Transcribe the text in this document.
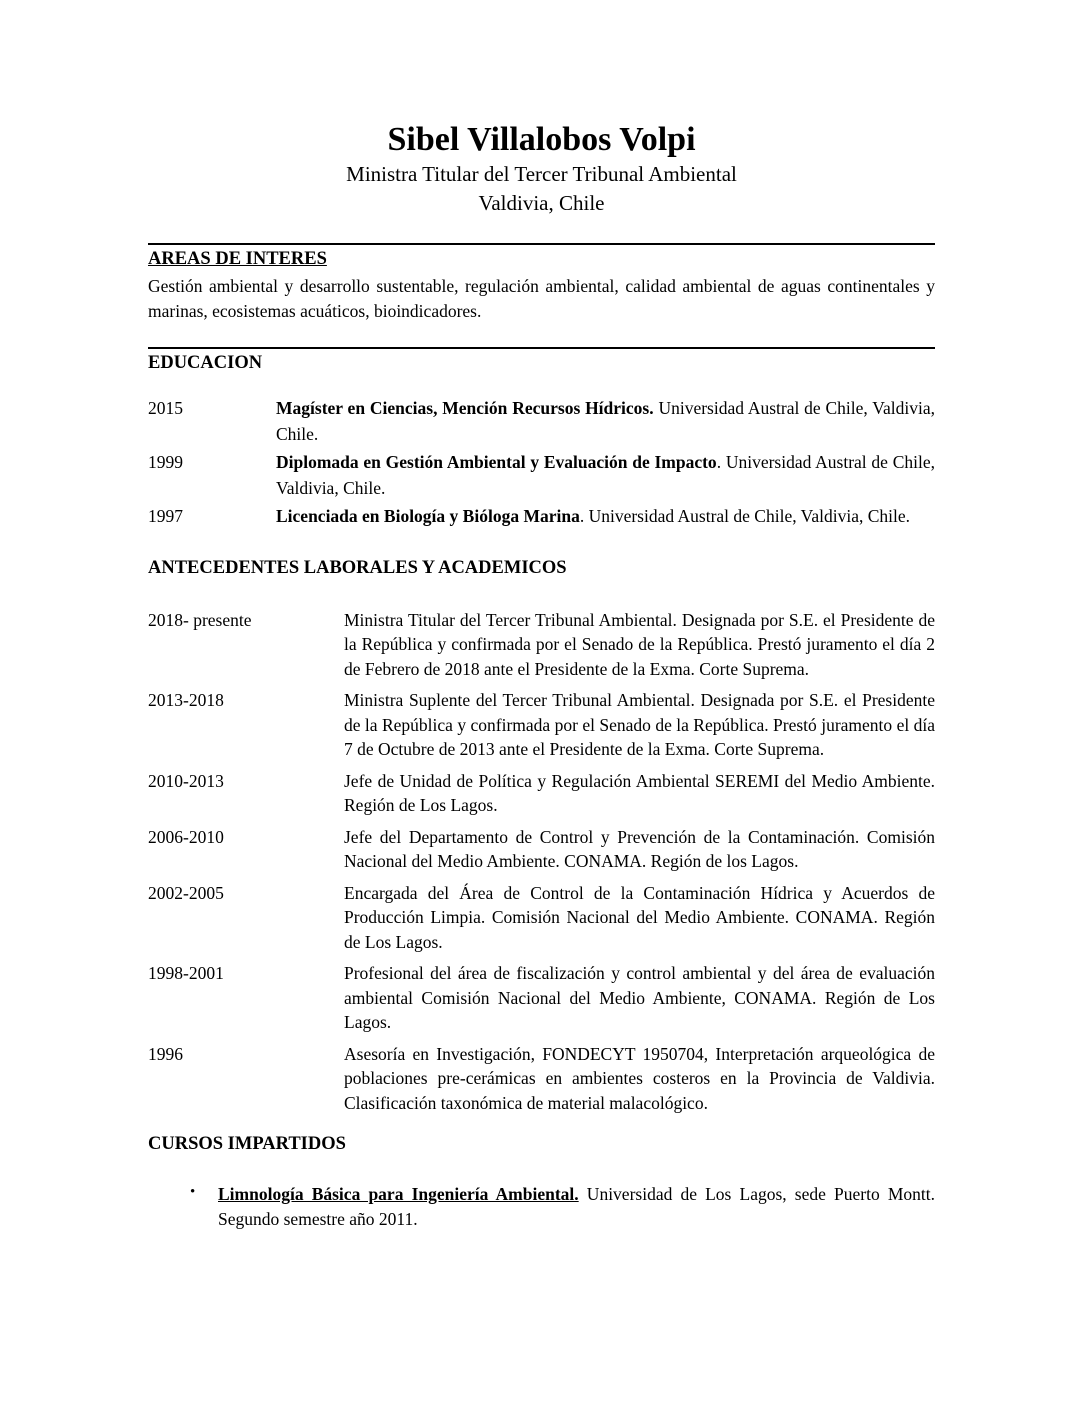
Sibel Villalobos Volpi
Ministra Titular del Tercer Tribunal Ambiental
Valdivia, Chile
AREAS DE INTERES

Gestión ambiental y desarrollo sustentable, regulación ambiental, calidad ambiental de aguas continentales y marinas, ecosistemas acuáticos, bioindicadores.

EDUCACION
2015	Magíster en Ciencias, Mención Recursos Hídricos. Universidad Austral de Chile, Valdivia, Chile.
1999	Diplomada en Gestión Ambiental y Evaluación de Impacto. Universidad Austral de Chile, Valdivia, Chile.
1997	Licenciada en Biología y Bióloga Marina. Universidad Austral de Chile, Valdivia, Chile.
ANTECEDENTES LABORALES Y ACADEMICOS
2018- presente	Ministra Titular del Tercer Tribunal Ambiental. Designada por S.E. el Presidente de la República y confirmada por el Senado de la República. Prestó juramento el día 2 de Febrero de 2018 ante el Presidente de la Exma. Corte Suprema.
2013-2018	Ministra Suplente del Tercer Tribunal Ambiental. Designada por S.E. el Presidente de la República y confirmada por el Senado de la República. Prestó juramento el día 7 de Octubre de 2013 ante el Presidente de la Exma. Corte Suprema.
2010-2013	Jefe de Unidad de Política y Regulación Ambiental SEREMI del Medio Ambiente. Región de Los Lagos.
2006-2010	Jefe del Departamento de Control y Prevención de la Contaminación. Comisión Nacional del Medio Ambiente. CONAMA. Región de los Lagos.
2002-2005	Encargada del Área de Control de la Contaminación Hídrica y Acuerdos de Producción Limpia. Comisión Nacional del Medio Ambiente. CONAMA. Región de Los Lagos.
1998-2001	Profesional del área de fiscalización y control ambiental y del área de evaluación ambiental Comisión Nacional del Medio Ambiente, CONAMA. Región de Los Lagos.
1996	Asesoría en Investigación, FONDECYT 1950704, Interpretación arqueológica de poblaciones pre-cerámicas en ambientes costeros en la Provincia de Valdivia. Clasificación taxonómica de material malacológico.
CURSOS IMPARTIDOS
• Limnología Básica para Ingeniería Ambiental. Universidad de Los Lagos, sede Puerto Montt. Segundo semestre año 2011.
